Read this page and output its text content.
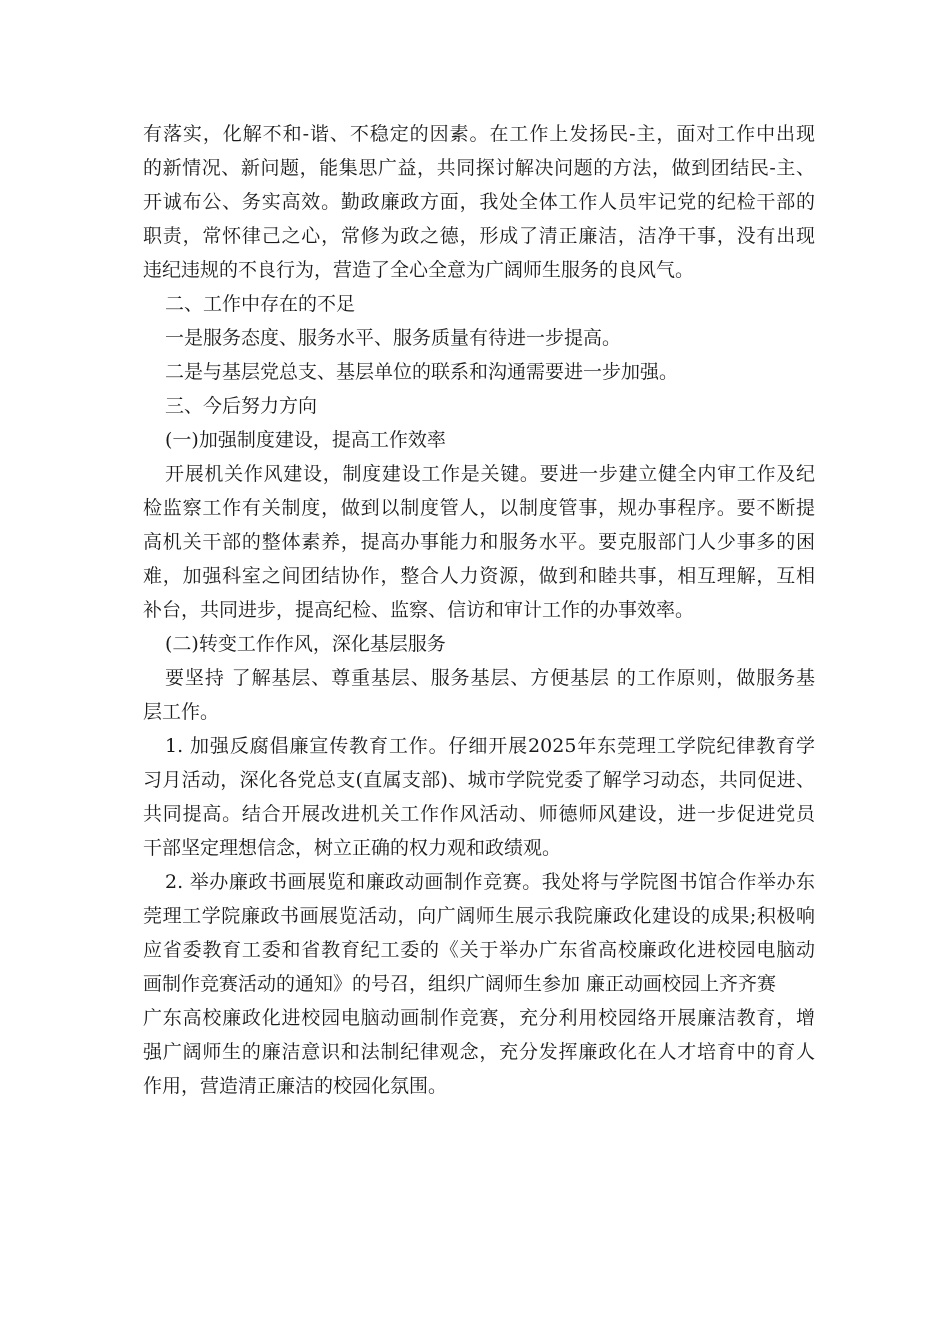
有落实，化解不和-谐、不稳定的因素。在工作上发扬民-主，面对工作中出现
的新情况、新问题，能集思广益，共同探讨解决问题的方法，做到团结民-主、
开诚布公、务实高效。勤政廉政方面，我处全体工作人员牢记党的纪检干部的
职责，常怀律己之心，常修为政之德，形成了清正廉洁，洁净干事，没有出现
违纪违规的不良行为，营造了全心全意为广阔师生服务的良风气。
二、工作中存在的不足
一是服务态度、服务水平、服务质量有待进一步提高。
二是与基层党总支、基层单位的联系和沟通需要进一步加强。
三、今后努力方向
(一)加强制度建设，提高工作效率
开展机关作风建设，制度建设工作是关键。要进一步建立健全内审工作及纪
检监察工作有关制度，做到以制度管人，以制度管事，规办事程序。要不断提
高机关干部的整体素养，提高办事能力和服务水平。要克服部门人少事多的困
难，加强科室之间团结协作，整合人力资源，做到和睦共事，相互理解，互相
补台，共同进步，提高纪检、监察、信访和审计工作的办事效率。
(二)转变工作作风，深化基层服务
要坚持 了解基层、尊重基层、服务基层、方便基层 的工作原则，做服务基
层工作。
1. 加强反腐倡廉宣传教育工作。仔细开展2025年东莞理工学院纪律教育学
习月活动，深化各党总支(直属支部)、城市学院党委了解学习动态，共同促进、
共同提高。结合开展改进机关工作作风活动、师德师风建设，进一步促进党员
干部坚定理想信念，树立正确的权力观和政绩观。
2. 举办廉政书画展览和廉政动画制作竞赛。我处将与学院图书馆合作举办东
莞理工学院廉政书画展览活动，向广阔师生展示我院廉政化建设的成果;积极响
应省委教育工委和省教育纪工委的《关于举办广东省高校廉政化进校园电脑动
画制作竞赛活动的通知》的号召，组织广阔师生参加 廉正动画校园上齐齐赛
广东高校廉政化进校园电脑动画制作竞赛，充分利用校园络开展廉洁教育，增
强广阔师生的廉洁意识和法制纪律观念，充分发挥廉政化在人才培育中的育人
作用，营造清正廉洁的校园化氛围。
